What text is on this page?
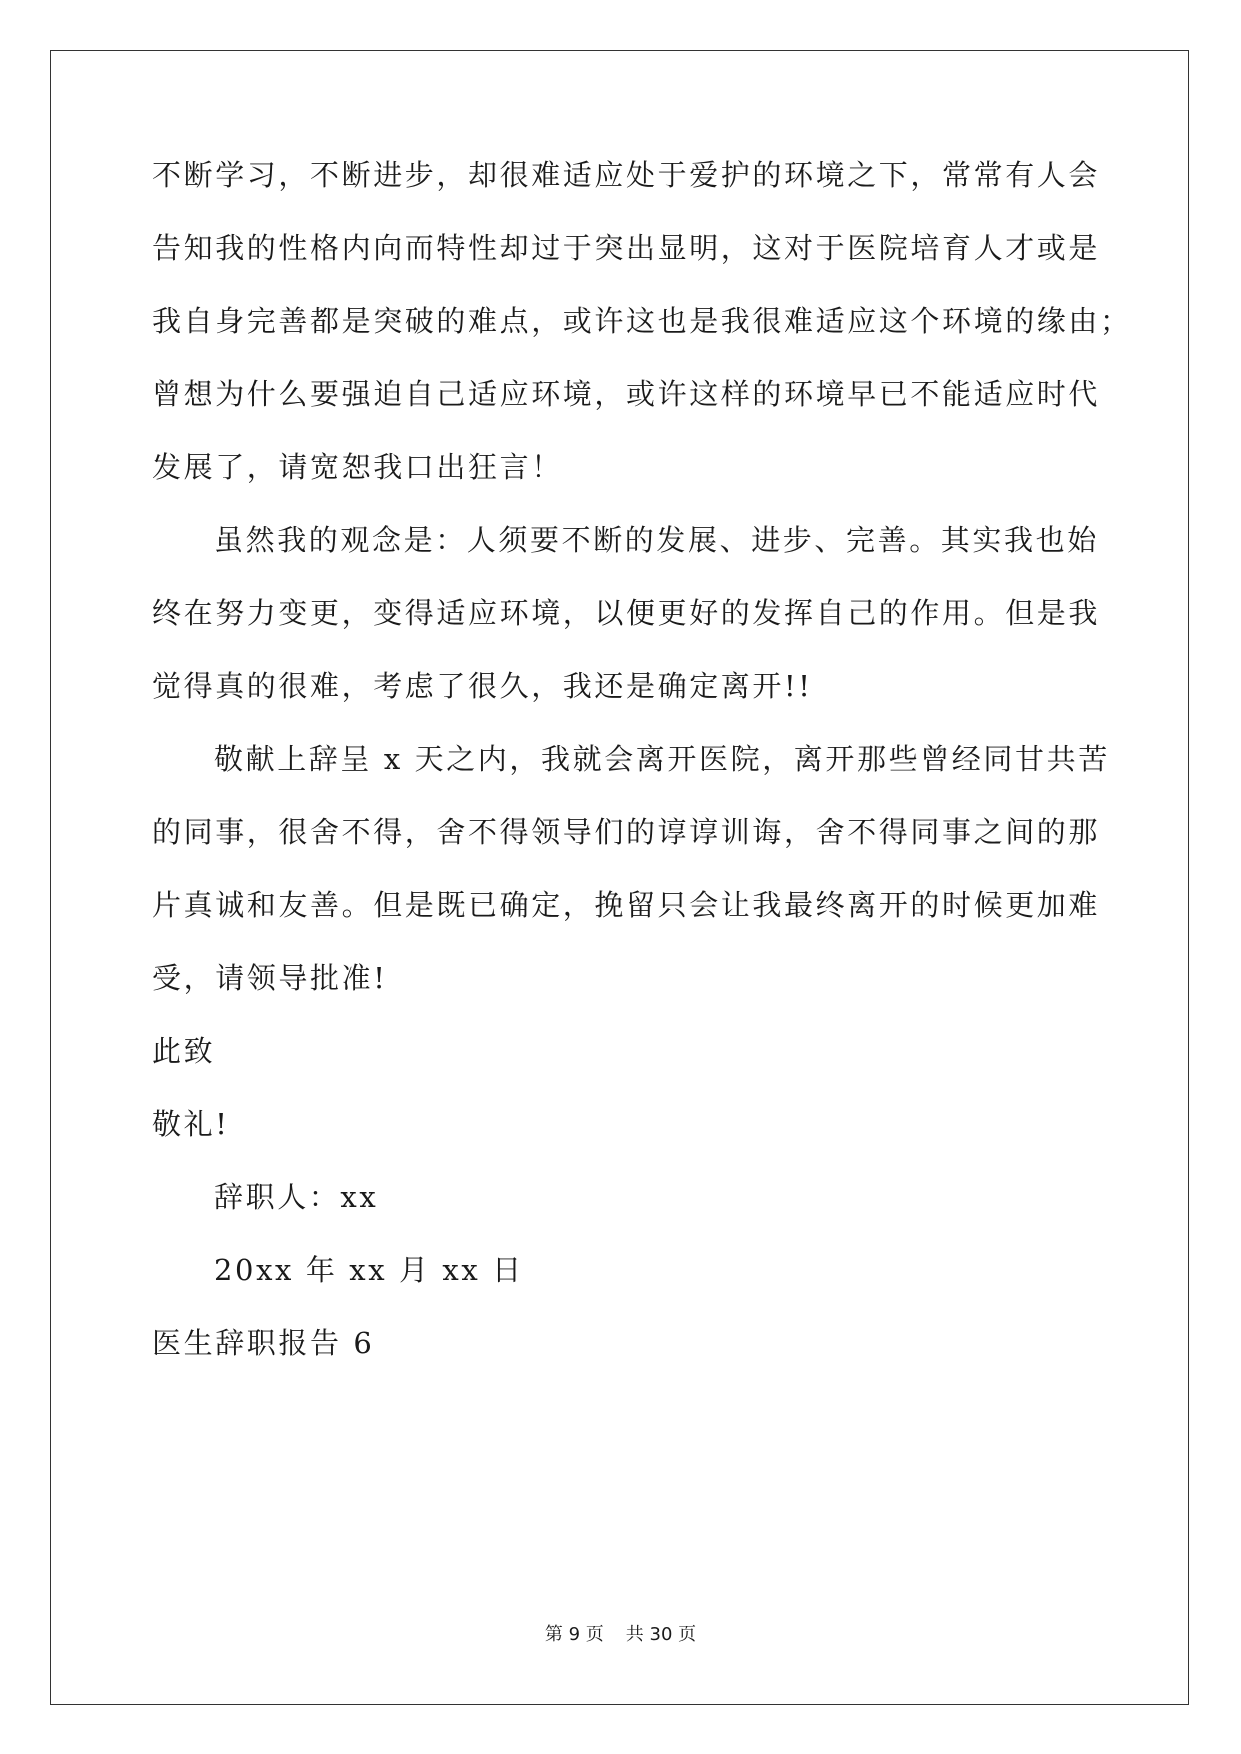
不断学习，不断进步，却很难适应处于爱护的环境之下，常常有人会
告知我的性格内向而特性却过于突出显明，这对于医院培育人才或是
我自身完善都是突破的难点，或许这也是我很难适应这个环境的缘由；
曾想为什么要强迫自己适应环境，或许这样的环境早已不能适应时代
发展了，请宽恕我口出狂言！
虽然我的观念是：人须要不断的发展、进步、完善。其实我也始
终在努力变更，变得适应环境，以便更好的发挥自己的作用。但是我
觉得真的很难，考虑了很久，我还是确定离开!!
敬献上辞呈 x 天之内，我就会离开医院，离开那些曾经同甘共苦
的同事，很舍不得，舍不得领导们的谆谆训诲，舍不得同事之间的那
片真诚和友善。但是既已确定，挽留只会让我最终离开的时候更加难
受，请领导批准!
此致
敬礼!
辞职人：xx
20xx 年 xx 月 xx 日
医生辞职报告 6
第 9 页 共 30 页
